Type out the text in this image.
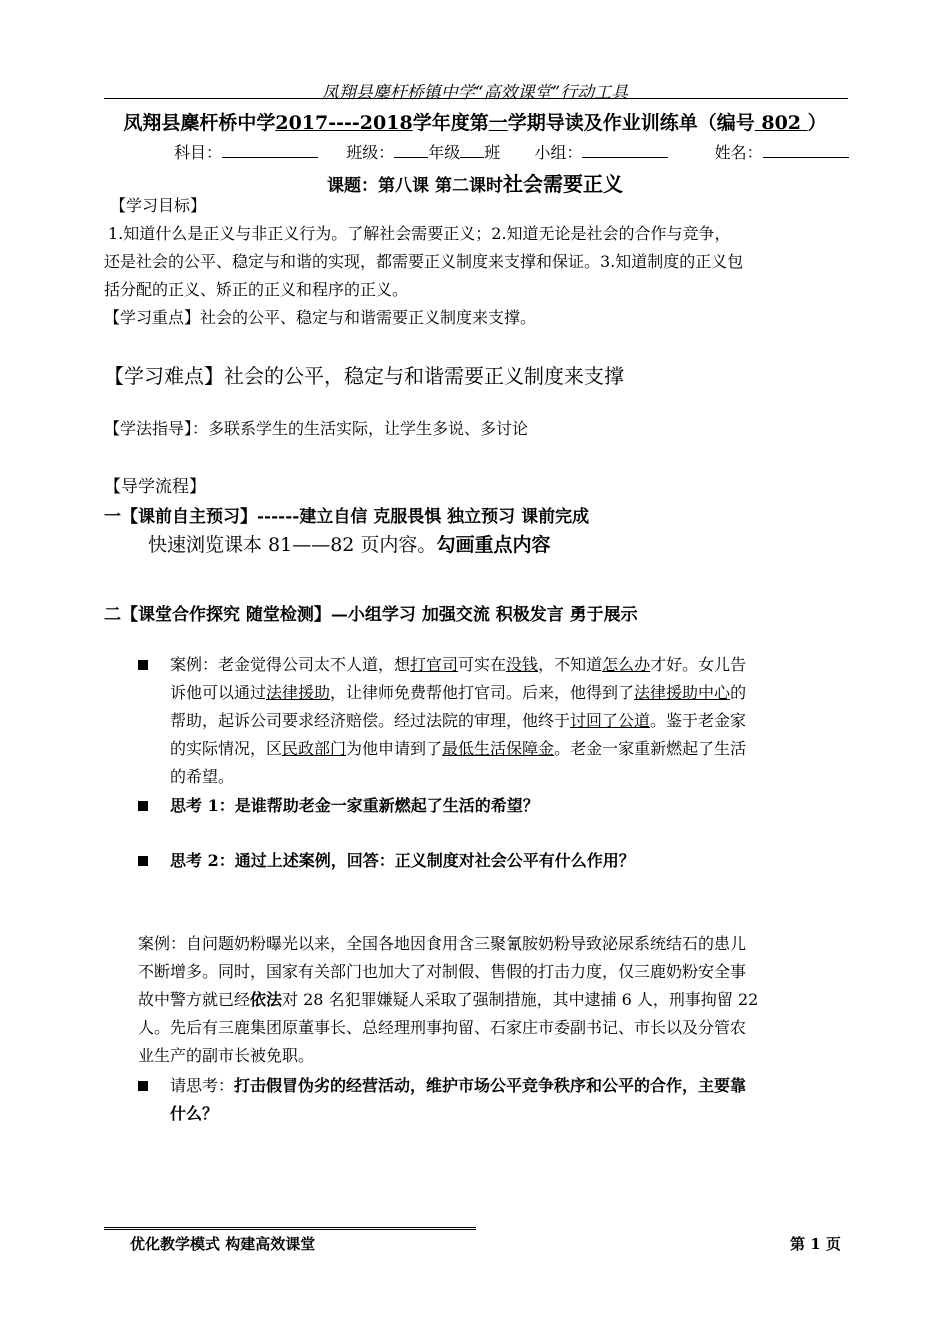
凤翔县麇杆桥镇中学“高效课堂”行动工具
凤翔县麇杆桥中学2017----2018学年度第一学期导读及作业训练单（编号 802 ）
科目：	班级： 年级 班 小组：	姓名：
课题：第八课 第二课时社会需要正义
【学习目标】
1.知道什么是正义与非正义行为。了解社会需要正义；2.知道无论是社会的合作与竞争，
还是社会的公平、稳定与和谐的实现，都需要正义制度来支撑和保证。3.知道制度的正义包
括分配的正义、矫正的正义和程序的正义。
【学习重点】社会的公平、稳定与和谐需要正义制度来支撑。
【学习难点】社会的公平，稳定与和谐需要正义制度来支撑
【学法指导】：多联系学生的生活实际，让学生多说、多讨论
【导学流程】
一【课前自主预习】------建立自信 克服畏惧 独立预习 课前完成
快速浏览课本 81——82 页内容。勾画重点内容
二【课堂合作探究 随堂检测】—小组学习 加强交流 积极发言 勇于展示
案例：老金觉得公司太不人道，想打官司可实在没钱，不知道怎么办才好。女儿告
诉他可以通过法律援助，让律师免费帮他打官司。后来，他得到了法律援助中心的
帮助，起诉公司要求经济赔偿。经过法院的审理，他终于讨回了公道。鉴于老金家
的实际情况，区民政部门为他申请到了最低生活保障金。老金一家重新燃起了生活
的希望。
思考 1：是谁帮助老金一家重新燃起了生活的希望？
思考 2：通过上述案例，回答：正义制度对社会公平有什么作用？
案例：自问题奶粉曝光以来，全国各地因食用含三聚氰胺奶粉导致泌尿系统结石的患儿
不断增多。同时，国家有关部门也加大了对制假、售假的打击力度，仅三鹿奶粉安全事
故中警方就已经依法对 28 名犯罪嫌疑人采取了强制措施，其中逮捕 6 人，刑事拘留 22
人。先后有三鹿集团原董事长、总经理刑事拘留、石家庄市委副书记、市长以及分管农
业生产的副市长被免职。
请思考：打击假冒伪劣的经营活动，维护市场公平竞争秩序和公平的合作，主要靠
什么？
优化教学模式 构建高效课堂	第 1 页
